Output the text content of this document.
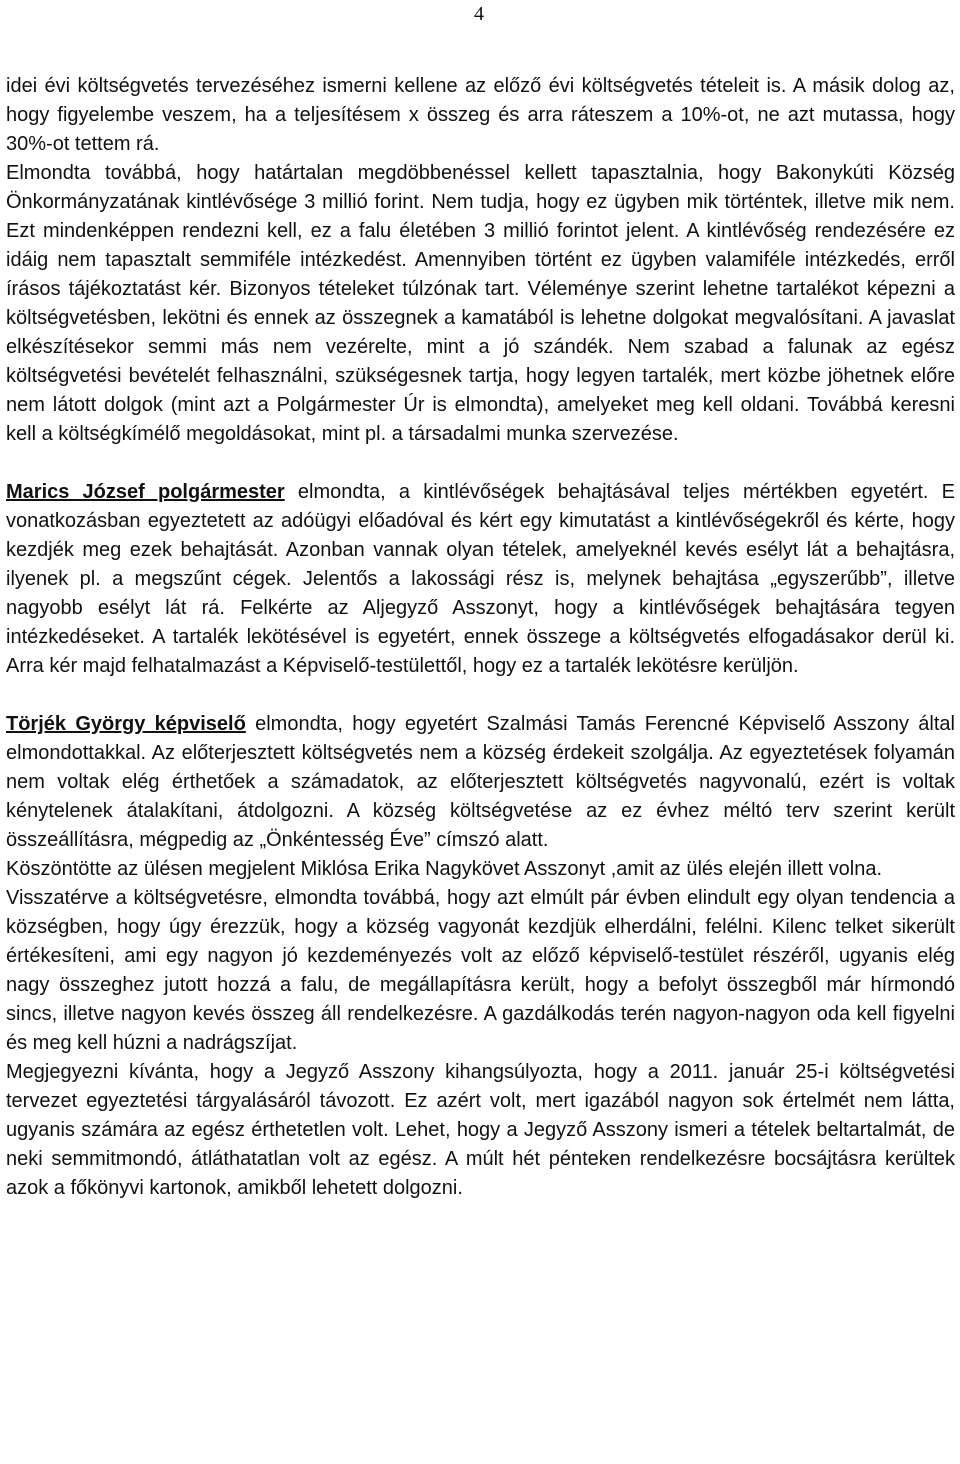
4

idei évi költségvetés tervezéséhez ismerni kellene az előző évi költségvetés tételeit is. A másik dolog az, hogy figyelembe veszem, ha a teljesítésem x összeg és arra ráteszem a 10%-ot, ne azt mutassa, hogy 30%-ot tettem rá.

Elmondta továbbá, hogy határtalan megdöbbenéssel kellett tapasztalnia, hogy Bakonykúti Község Önkormányzatának kintlévősége 3 millió forint. Nem tudja, hogy ez ügyben mik történtek, illetve mik nem. Ezt mindenképpen rendezni kell, ez a falu életében 3 millió forintot jelent. A kintlévőség rendezésére ez idáig nem tapasztalt semmiféle intézkedést. Amennyiben történt ez ügyben valamiféle intézkedés, erről írásos tájékoztatást kér. Bizonyos tételeket túlzónak tart. Véleménye szerint lehetne tartalékot képezni a költségvetésben, lekötni és ennek az összegnek a kamatából is lehetne dolgokat megvalósítani. A javaslat elkészítésekor semmi más nem vezérelte, mint a jó szándék. Nem szabad a falunak az egész költségvetési bevételét felhasználni, szükségesnek tartja, hogy legyen tartalék, mert közbe jöhetnek előre nem látott dolgok (mint azt a Polgármester Úr is elmondta), amelyeket meg kell oldani. Továbbá keresni kell a költségkímélő megoldásokat, mint pl. a társadalmi munka szervezése.

Marics József polgármester elmondta, a kintlévőségek behajtásával teljes mértékben egyetért. E vonatkozásban egyeztetett az adóügyi előadóval és kért egy kimutatást a kintlévőségekről és kérte, hogy kezdjék meg ezek behajtását. Azonban vannak olyan tételek, amelyeknél kevés esélyt lát a behajtásra, ilyenek pl. a megszűnt cégek. Jelentős a lakossági rész is, melynek behajtása „egyszerűbb”, illetve nagyobb esélyt lát rá. Felkérte az Aljegyző Asszonyt, hogy a kintlévőségek behajtására tegyen intézkedéseket. A tartalék lekötésével is egyetért, ennek összege a költségvetés elfogadásakor derül ki. Arra kér majd felhatalmazást a Képviselő-testülettől, hogy ez a tartalék lekötésre kerüljön.

Törjék György képviselő elmondta, hogy egyetért Szalmási Tamás Ferencné Képviselő Asszony által elmondottakkal. Az előterjesztett költségvetés nem a község érdekeit szolgálja. Az egyeztetések folyamán nem voltak elég érthetőek a számadatok, az előterjesztett költségvetés nagyvonalú, ezért is voltak kénytelenek átalakítani, átdolgozni. A község költségvetése az ez évhez méltó terv szerint került összeállításra, mégpedig az „Önkéntesség Éve” címszó alatt.

Köszöntötte az ülésen megjelent Miklósa Erika Nagykövet Asszonyt ,amit az ülés elején illett volna.

Visszatérve a költségvetésre, elmondta továbbá, hogy azt elmúlt pár évben elindult egy olyan tendencia a községben, hogy úgy érezzük, hogy a község vagyonát kezdjük elherdálni, felélni. Kilenc telket sikerült értékesíteni, ami egy nagyon jó kezdeményezés volt az előző képviselő-testület részéről, ugyanis elég nagy összeghez jutott hozzá a falu, de megállapításra került, hogy a befolyt összegből már hírmondó sincs, illetve nagyon kevés összeg áll rendelkezésre. A gazdálkodás terén nagyon-nagyon oda kell figyelni és meg kell húzni a nadrágszíjat.

Megjegyezni kívánta, hogy a Jegyző Asszony kihangsúlyozta, hogy a 2011. január 25-i költségvetési tervezet egyeztetési tárgyalásáról távozott. Ez azért volt, mert igazából nagyon sok értelmét nem látta, ugyanis számára az egész érthetetlen volt. Lehet, hogy a Jegyző Asszony ismeri a tételek beltartalmát, de neki semmitmondó, átláthatatlan volt az egész. A múlt hét pénteken rendelkezésre bocsájtásra kerültek azok a főkönyvi kartonok, amikből lehetett dolgozni.
